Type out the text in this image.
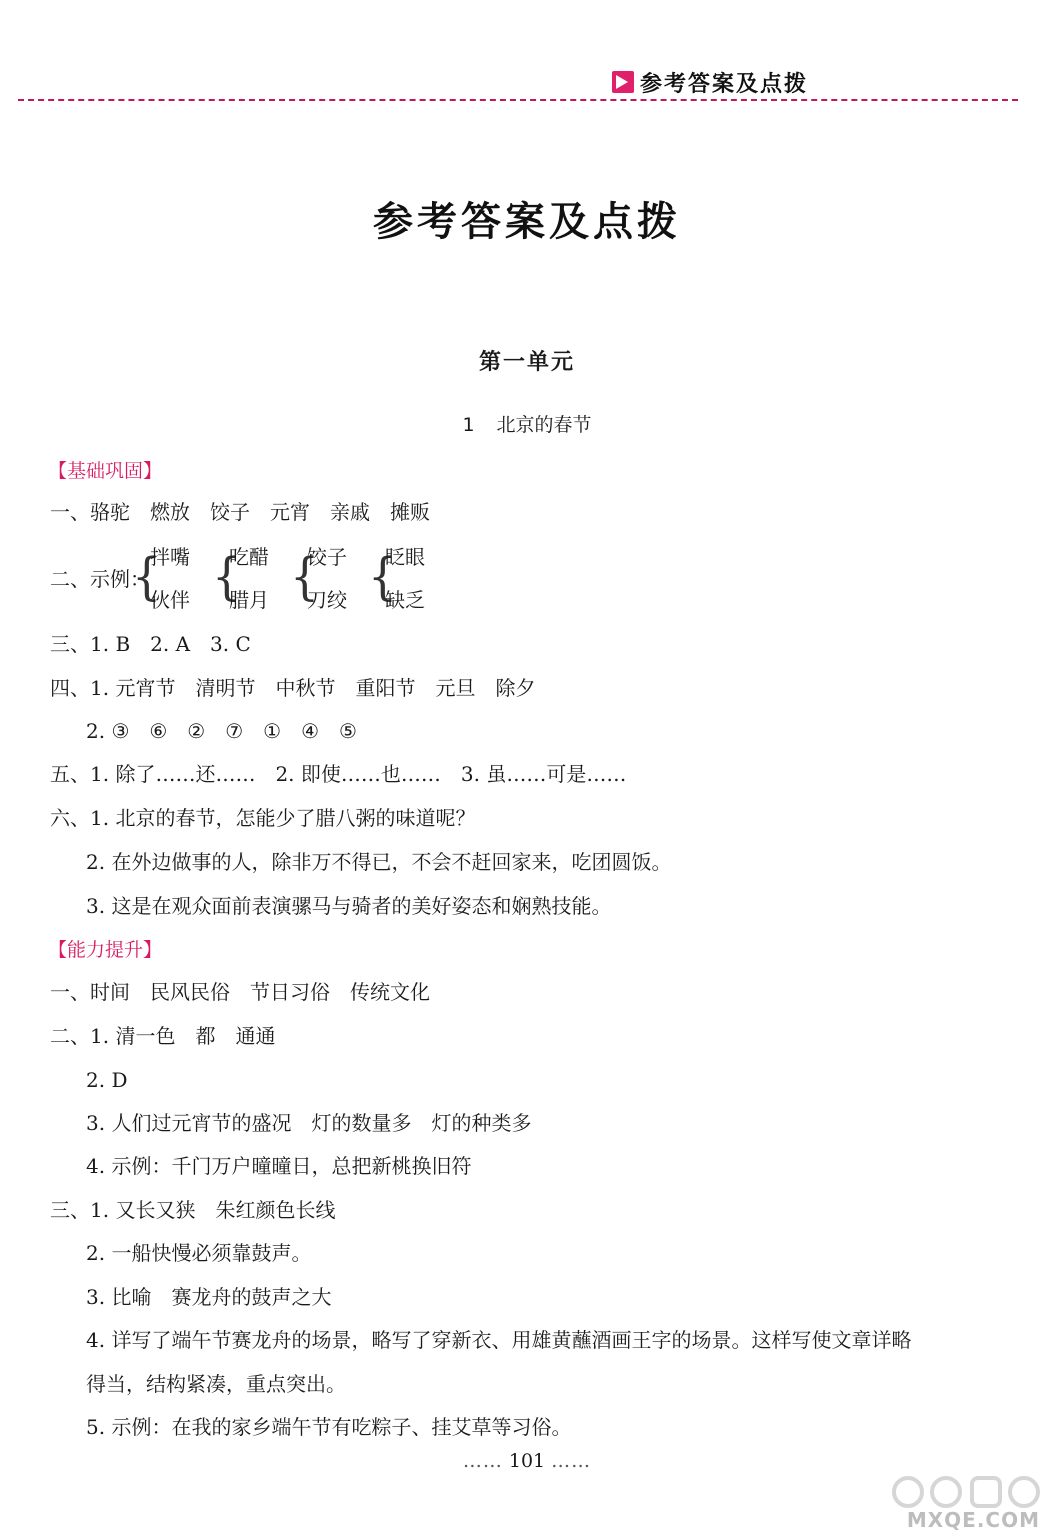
参考答案及点拨
参考答案及点拨
第一单元
1 北京的春节
【基础巩固】
一、骆驼　燃放　饺子　元宵　亲戚　摊贩
二、示例：
{
拌嘴
伙伴 {
吃醋
腊月 {
饺子
刀绞 {
眨眼
缺乏
三、1. B　2. A　3. C
四、1. 元宵节　清明节　中秋节　重阳节　元旦　除夕
2. ③　⑥　②　⑦　①　④　⑤
五、1. 除了……还……　2. 即使……也……　3. 虽……可是……
六、1. 北京的春节，怎能少了腊八粥的味道呢？
2. 在外边做事的人，除非万不得已，不会不赶回家来，吃团圆饭。
3. 这是在观众面前表演骡马与骑者的美好姿态和娴熟技能。
【能力提升】
一、时间　民风民俗　节日习俗　传统文化
二、1. 清一色　都　通通
2. D
3. 人们过元宵节的盛况　灯的数量多　灯的种类多
4. 示例：千门万户曈曈日，总把新桃换旧符
三、1. 又长又狭　朱红颜色长线
2. 一船快慢必须靠鼓声。
3. 比喻　赛龙舟的鼓声之大
4. 详写了端午节赛龙舟的场景，略写了穿新衣、用雄黄蘸酒画王字的场景。这样写使文章详略
得当，结构紧凑，重点突出。
5. 示例：在我的家乡端午节有吃粽子、挂艾草等习俗。
…… 101 ……
MXQE.COM
